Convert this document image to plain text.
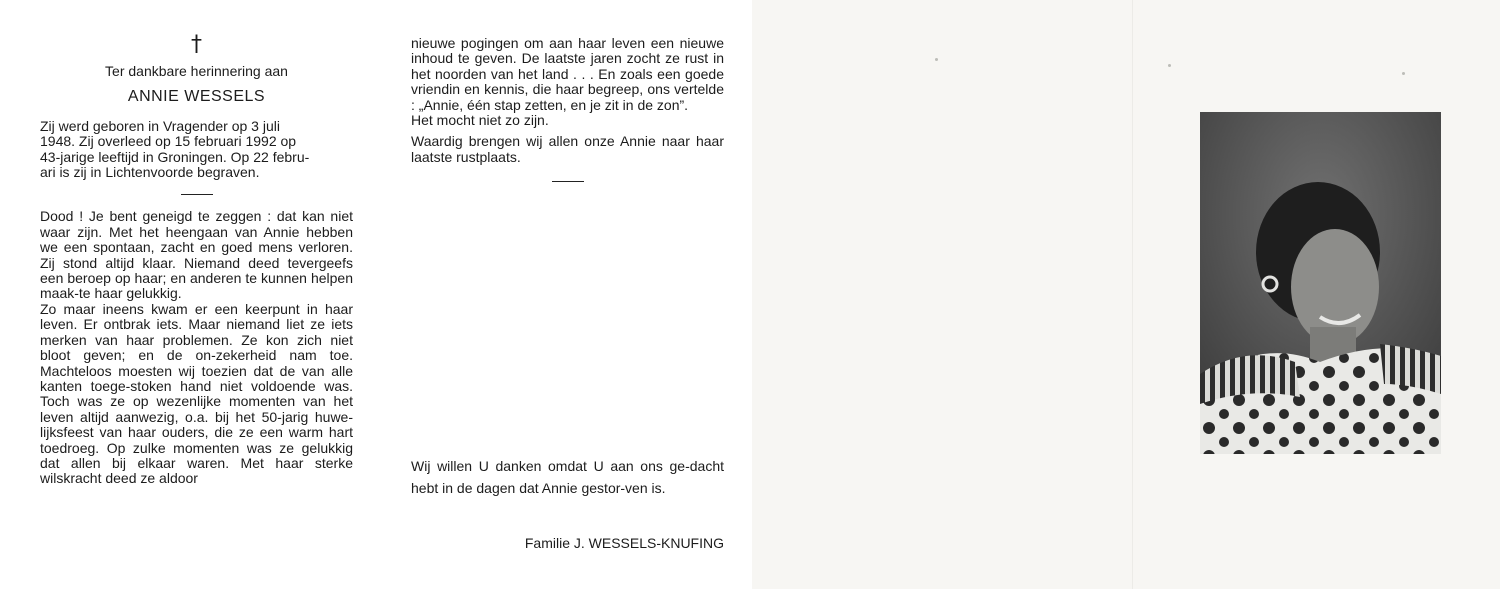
†
Ter dankbare herinnering aan
ANNIE WESSELS
Zij werd geboren in Vragender op 3 juli
1948. Zij overleed op 15 februari 1992 op
43-jarige leeftijd in Groningen. Op 22 febru-
ari is zij in Lichtenvoorde begraven.

Dood ! Je bent geneigd te zeggen : dat kan niet waar zijn. Met het heengaan van Annie hebben we een spontaan, zacht en goed mens verloren. Zij stond altijd klaar. Niemand deed tevergeefs een beroep op haar; en anderen te kunnen helpen maak-te haar gelukkig.

Zo maar ineens kwam er een keerpunt in haar leven. Er ontbrak iets. Maar niemand liet ze iets merken van haar problemen. Ze kon zich niet bloot geven; en de on-zekerheid nam toe. Machteloos moesten wij toezien dat de van alle kanten toege-stoken hand niet voldoende was. Toch was ze op wezenlijke momenten van het leven altijd aanwezig, o.a. bij het 50-jarig huwe-lijksfeest van haar ouders, die ze een warm hart toedroeg. Op zulke momenten was ze gelukkig dat allen bij elkaar waren. Met haar sterke wilskracht deed ze aldoor

nieuwe pogingen om aan haar leven een nieuwe inhoud te geven. De laatste jaren zocht ze rust in het noorden van het land . . . En zoals een goede vriendin en kennis, die haar begreep, ons vertelde : „Annie, één stap zetten, en je zit in de zon”.

Het mocht niet zo zijn.

Waardig brengen wij allen onze Annie naar haar laatste rustplaats.

Wij willen U danken omdat U aan ons ge-dacht hebt in de dagen dat Annie gestor-ven is.
Familie J. WESSELS-KNUFING
